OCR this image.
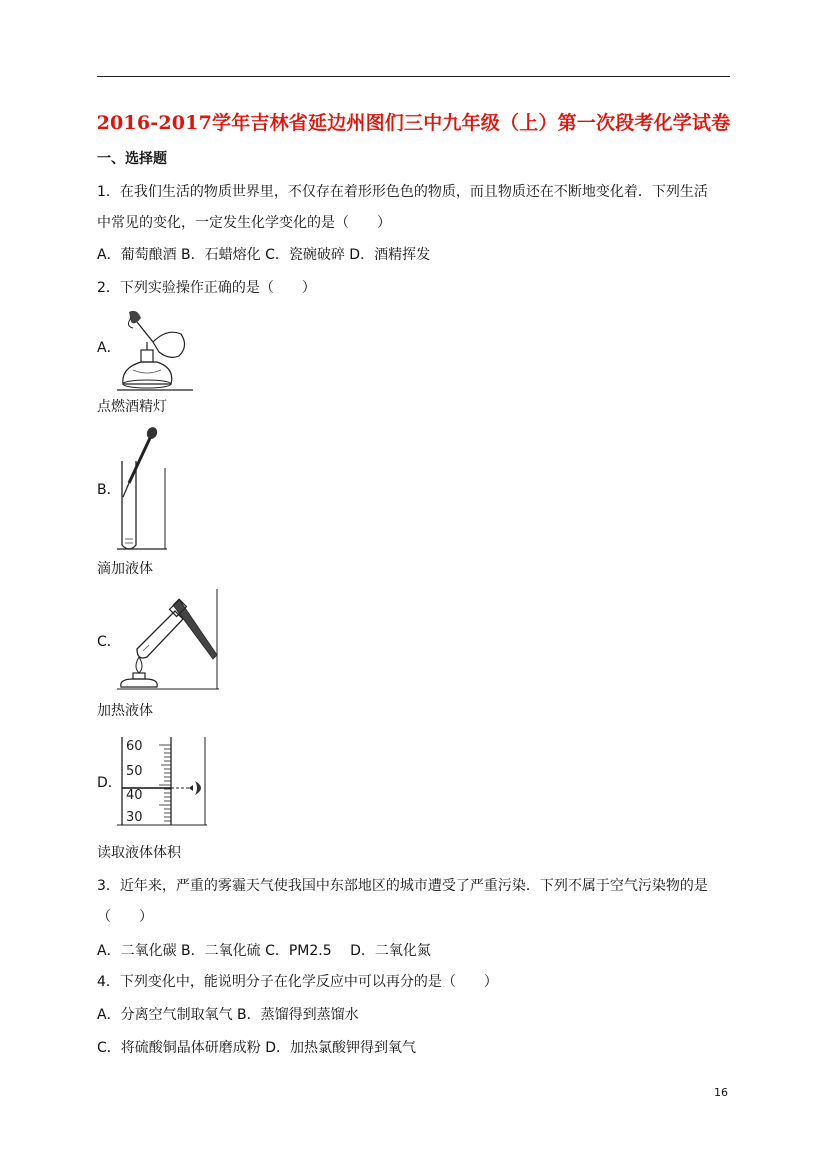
2016-2017学年吉林省延边州图们三中九年级（上）第一次段考化学试卷
一、选择题
1．在我们生活的物质世界里，不仅存在着形形色色的物质，而且物质还在不断地变化着．下列生活
中常见的变化，一定发生化学变化的是（　　）
A．葡萄酿酒 B．石蜡熔化 C．瓷碗破碎 D．酒精挥发
2．下列实验操作正确的是（　　）
A．
点燃酒精灯
B．
滴加液体
C．
加热液体
D．
60
50
40
30
读取液体体积
3．近年来，严重的雾霾天气使我国中东部地区的城市遭受了严重污染．下列不属于空气污染物的是
（　　）
A．二氧化碳 B．二氧化硫 C．PM2.5　 D．二氧化氮
4．下列变化中，能说明分子在化学反应中可以再分的是（　　）
A．分离空气制取氧气 B．蒸馏得到蒸馏水
C．将硫酸铜晶体研磨成粉 D．加热氯酸钾得到氧气
16
